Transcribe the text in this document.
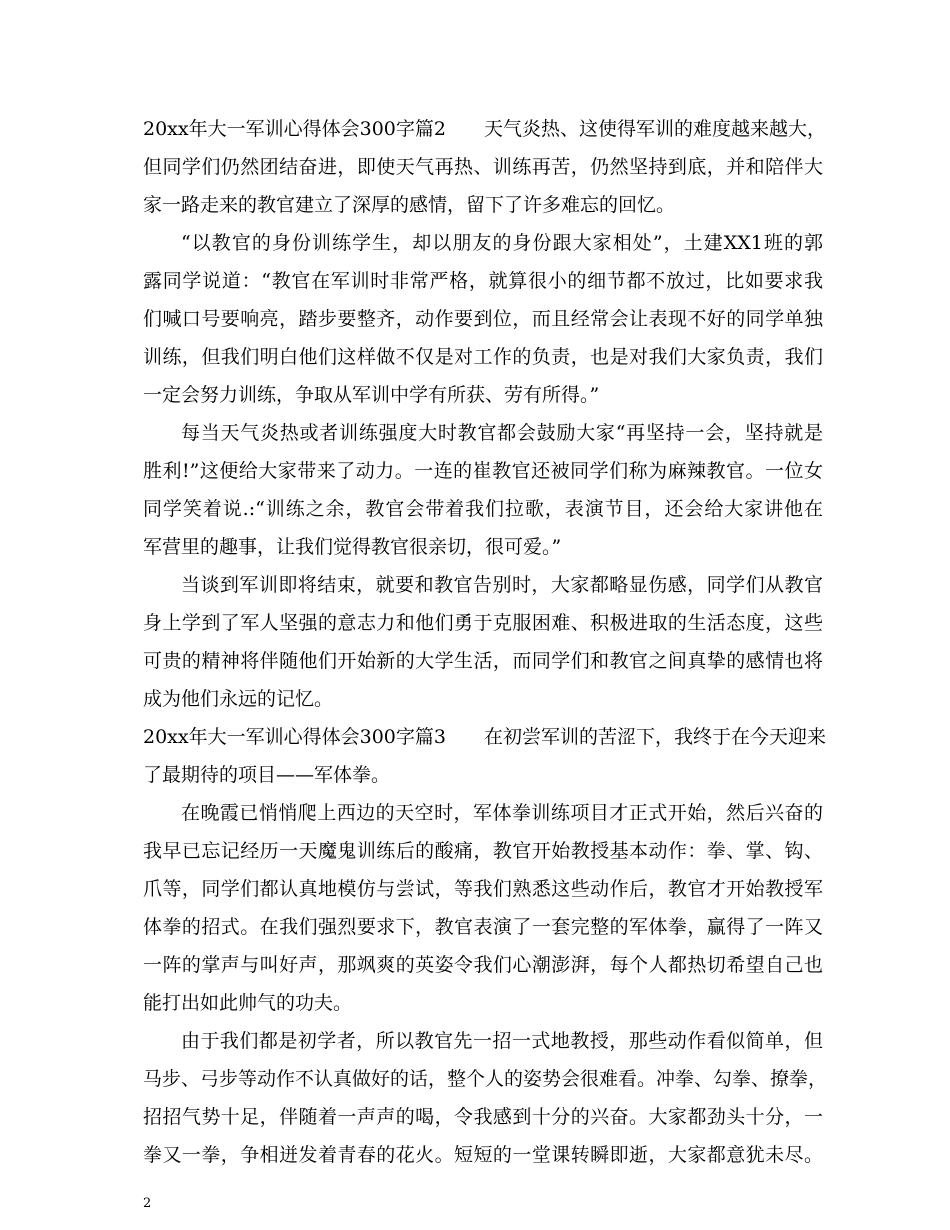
20xx年大一军训心得体会300字篇2　　天气炎热、这使得军训的难度越来越大，
但同学们仍然团结奋进，即使天气再热、训练再苦，仍然坚持到底，并和陪伴大
家一路走来的教官建立了深厚的感情，留下了许多难忘的回忆。
“以教官的身份训练学生，却以朋友的身份跟大家相处”，土建XX1班的郭
露同学说道：“教官在军训时非常严格，就算很小的细节都不放过，比如要求我
们喊口号要响亮，踏步要整齐，动作要到位，而且经常会让表现不好的同学单独
训练，但我们明白他们这样做不仅是对工作的负责，也是对我们大家负责，我们
一定会努力训练，争取从军训中学有所获、劳有所得。”
每当天气炎热或者训练强度大时教官都会鼓励大家“再坚持一会，坚持就是
胜利!”这便给大家带来了动力。一连的崔教官还被同学们称为麻辣教官。一位女
同学笑着说.:“训练之余，教官会带着我们拉歌，表演节目，还会给大家讲他在
军营里的趣事，让我们觉得教官很亲切，很可爱。”
当谈到军训即将结束，就要和教官告别时，大家都略显伤感，同学们从教官
身上学到了军人坚强的意志力和他们勇于克服困难、积极进取的生活态度，这些
可贵的精神将伴随他们开始新的大学生活，而同学们和教官之间真挚的感情也将
成为他们永远的记忆。
20xx年大一军训心得体会300字篇3　　在初尝军训的苦涩下，我终于在今天迎来
了最期待的项目——军体拳。
在晚霞已悄悄爬上西边的天空时，军体拳训练项目才正式开始，然后兴奋的
我早已忘记经历一天魔鬼训练后的酸痛，教官开始教授基本动作：拳、掌、钩、
爪等，同学们都认真地模仿与尝试，等我们熟悉这些动作后，教官才开始教授军
体拳的招式。在我们强烈要求下，教官表演了一套完整的军体拳，赢得了一阵又
一阵的掌声与叫好声，那飒爽的英姿令我们心潮澎湃，每个人都热切希望自己也
能打出如此帅气的功夫。
由于我们都是初学者，所以教官先一招一式地教授，那些动作看似简单，但
马步、弓步等动作不认真做好的话，整个人的姿势会很难看。冲拳、勾拳、撩拳，
招招气势十足，伴随着一声声的喝，令我感到十分的兴奋。大家都劲头十分，一
拳又一拳，争相迸发着青春的花火。短短的一堂课转瞬即逝，大家都意犹未尽。
2
